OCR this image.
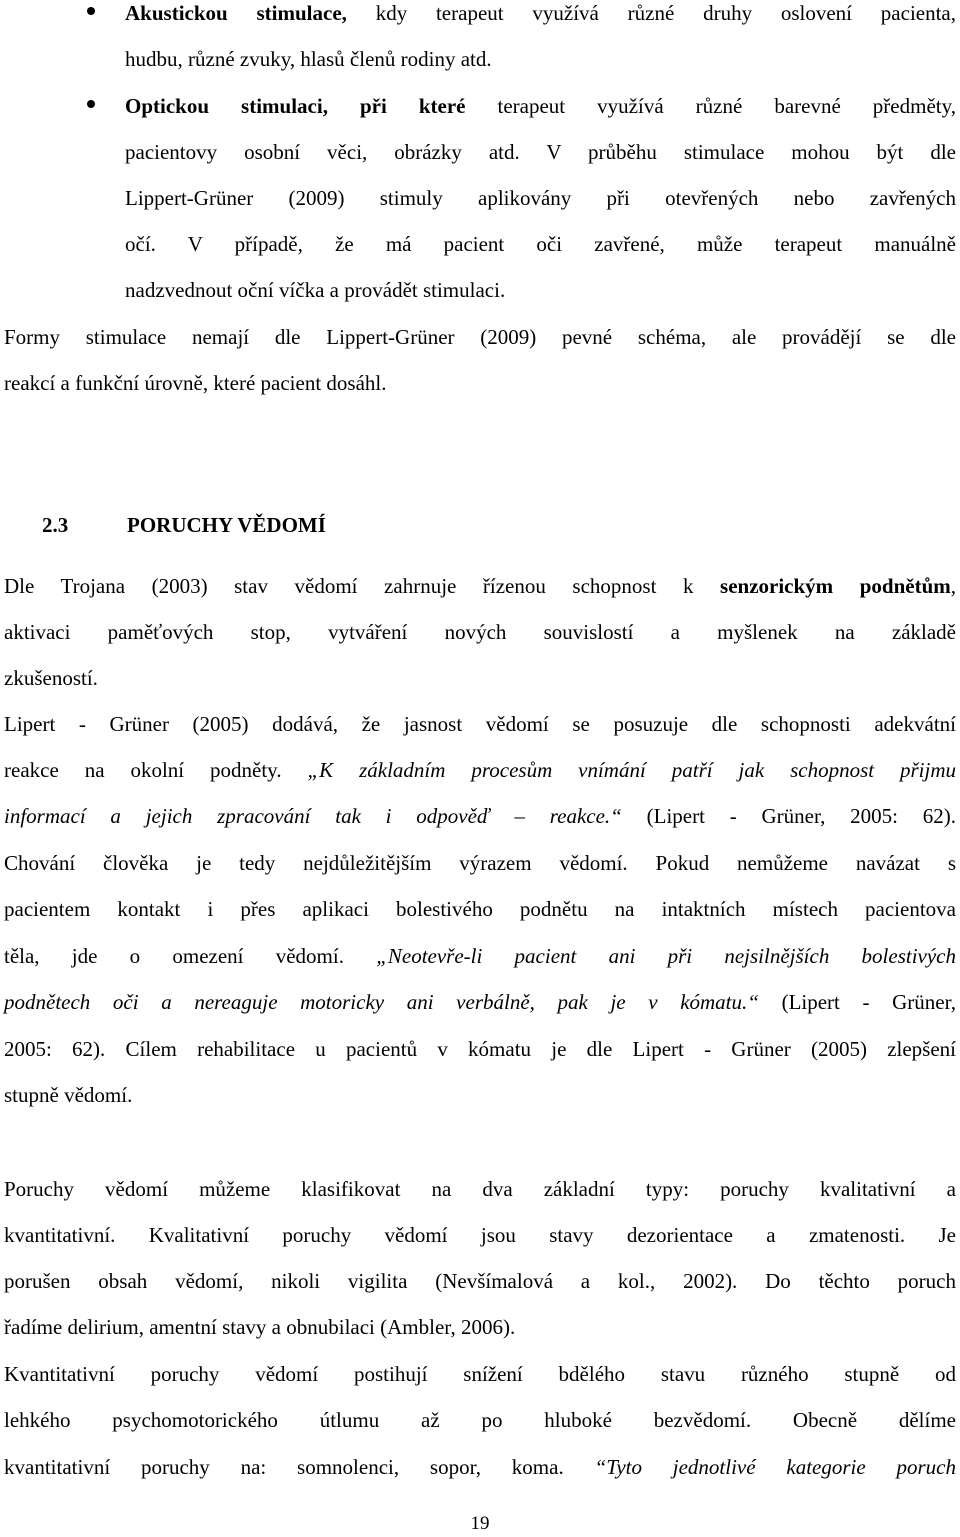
Akustickou stimulace, kdy terapeut využívá různé druhy oslovení pacienta,
hudbu, různé zvuky, hlasů členů rodiny atd.
Optickou stimulaci, při které terapeut využívá různé barevné předměty,
pacientovy osobní věci, obrázky atd. V průběhu stimulace mohou být dle
Lippert-Grüner (2009) stimuly aplikovány při otevřených nebo zavřených
očí. V případě, že má pacient oči zavřené, může terapeut manuálně
nadzvednout oční víčka a provádět stimulaci.
Formy stimulace nemají dle Lippert-Grüner (2009) pevné schéma, ale provádějí se dle
reakcí a funkční úrovně, které pacient dosáhl.
2.3	PORUCHY VĚDOMÍ
Dle Trojana (2003) stav vědomí zahrnuje řízenou schopnost k senzorickým podnětům,
aktivaci paměťových stop, vytváření nových souvislostí a myšlenek na základě
zkušeností.
Lipert - Grüner (2005) dodává, že jasnost vědomí se posuzuje dle schopnosti adekvátní
reakce na okolní podněty. „K základním procesům vnímání patří jak schopnost přijmu
informací a jejich zpracování tak i odpověď – reakce.“ (Lipert - Grüner, 2005: 62).
Chování člověka je tedy nejdůležitějším výrazem vědomí. Pokud nemůžeme navázat s
pacientem kontakt i přes aplikaci bolestivého podnětu na intaktních místech pacientova
těla, jde o omezení vědomí. „Neotevře-li pacient ani při nejsilnějších bolestivých
podnětech oči a nereaguje motoricky ani verbálně, pak je v kómatu.“ (Lipert - Grüner,
2005: 62). Cílem rehabilitace u pacientů v kómatu je dle Lipert - Grüner (2005) zlepšení
stupně vědomí.
Poruchy vědomí můžeme klasifikovat na dva základní typy: poruchy kvalitativní a
kvantitativní. Kvalitativní poruchy vědomí jsou stavy dezorientace a zmatenosti. Je
porušen obsah vědomí, nikoli vigilita (Nevšímalová a kol., 2002). Do těchto poruch
řadíme delirium, amentní stavy a obnubilaci (Ambler, 2006).
Kvantitativní poruchy vědomí postihují snížení bdělého stavu různého stupně od
lehkého psychomotorického útlumu až po hluboké bezvědomí. Obecně dělíme
kvantitativní poruchy na: somnolenci, sopor, koma. “Tyto jednotlivé kategorie poruch
19
